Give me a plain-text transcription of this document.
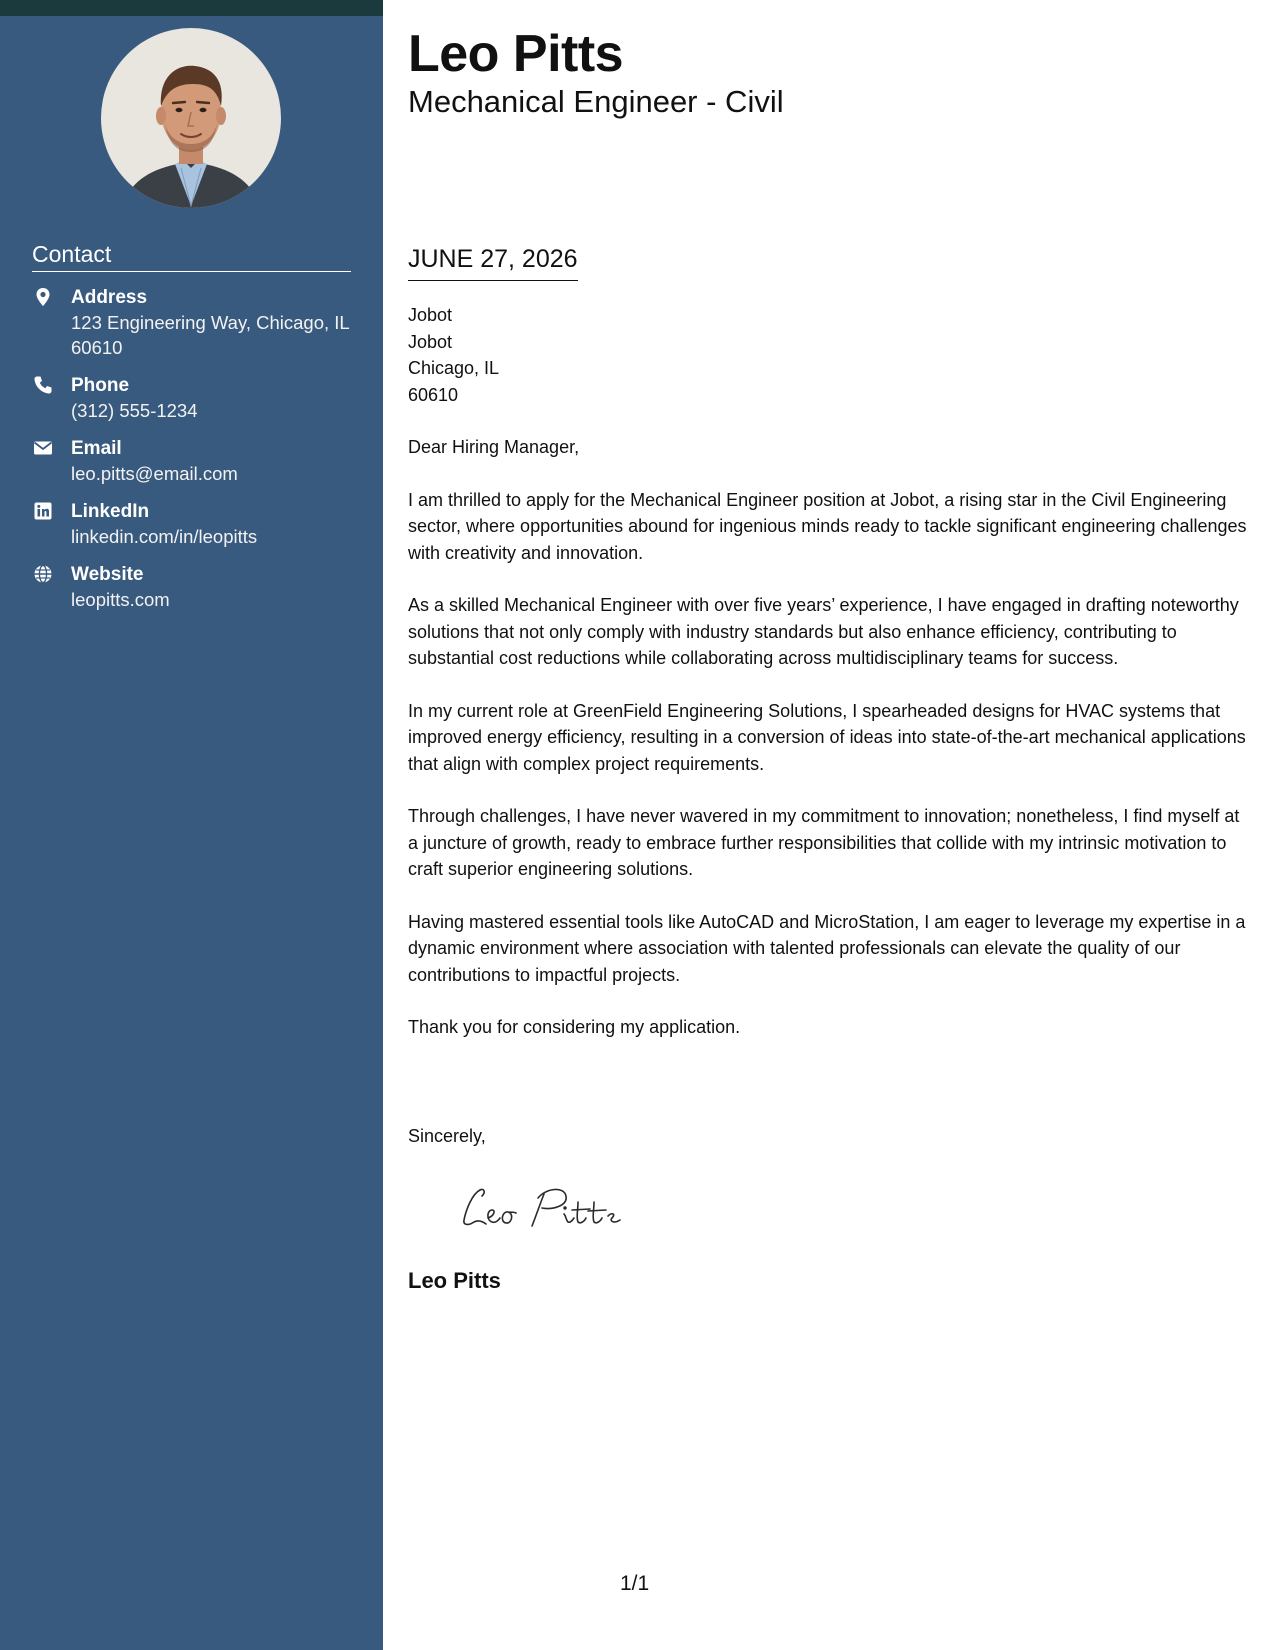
Contact
Address
123 Engineering Way, Chicago, IL 60610
Phone
(312) 555-1234
Email
leo.pitts@email.com
LinkedIn
linkedin.com/in/leopitts
Website
leopitts.com
Leo Pitts
Mechanical Engineer - Civil
JUNE 27, 2026
Jobot
Jobot
Chicago, IL
60610

Dear Hiring Manager,

I am thrilled to apply for the Mechanical Engineer position at Jobot, a rising star in the Civil Engineering sector, where opportunities abound for ingenious minds ready to tackle significant engineering challenges with creativity and innovation.

As a skilled Mechanical Engineer with over five years’ experience, I have engaged in drafting noteworthy solutions that not only comply with industry standards but also enhance efficiency, contributing to substantial cost reductions while collaborating across multidisciplinary teams for success.

In my current role at GreenField Engineering Solutions, I spearheaded designs for HVAC systems that improved energy efficiency, resulting in a conversion of ideas into state-of-the-art mechanical applications that align with complex project requirements.

Through challenges, I have never wavered in my commitment to innovation; nonetheless, I find myself at a juncture of growth, ready to embrace further responsibilities that collide with my intrinsic motivation to craft superior engineering solutions.

Having mastered essential tools like AutoCAD and MicroStation, I am eager to leverage my expertise in a dynamic environment where association with talented professionals can elevate the quality of our contributions to impactful projects.

Thank you for considering my application.

Sincerely,
Leo Pitts
1/1
